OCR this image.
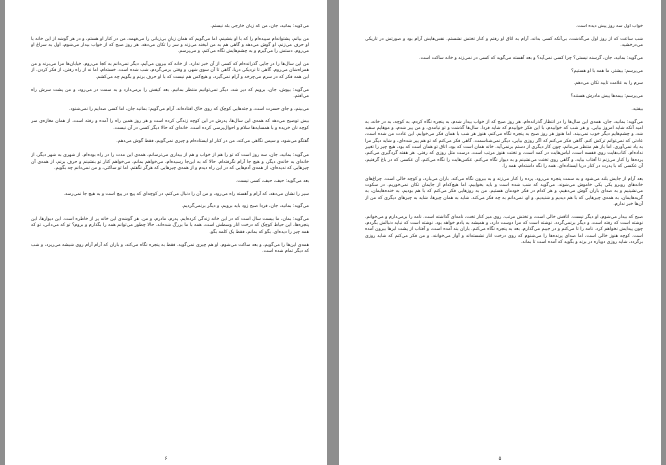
می‌گوید: بمانید، جان، من که زبان خارجی بلد نیستم.

من بیانم، پشتوانه‌ام سپیده‌ام را که با او بنشینم، اما می‌گویم که همان زبانِ بی‌زبانی را می‌فهمد، من در کنار او هستم، و در هر گوشه از این خانه با او حرف می‌زنم، او گوش می‌دهد و گاهی هم به من لبخند می‌زند و سر را تکان می‌دهد. هر روز صبح که از خواب بیدار می‌شوم، اول به سراغ او می‌روم. دستش را می‌گیرم و به چشم‌هایش نگاه می‌کنم، و می‌پرسم.

من این سال‌ها را در جایی گذرانده‌ام که کسی از آن خبر ندارد. از خانه که بیرون می‌آیم، دیگر نمی‌دانم به کجا می‌روم. خیابان‌ها مرا می‌برند و من همراه‌شان می‌روم. گاهی تا نزدیکی دریا، گاهی تا آن سوی شهر، و وقتی برمی‌گردم، شب شده است. خسته‌ام، اما نه از راه رفتن، از فکر کردن. از این همه فکر که در سرم می‌چرخد و آرام نمی‌گیرد، و هیچ‌کس هم نیست که با او حرف بزنم و بگویم چه می‌کشم.

می‌گوید: بپوش، جان، برویم که دیر شد، دیگر نمی‌توانیم منتظر بمانیم. بعد کیفش را برمی‌دارد و به سمت در می‌رود، و من پشت سرش راه می‌افتم.

می‌بینم، و جای حسرت است، و جثه‌هایی کوچک که روی خاک افتاده‌اند. آرام می‌گویم: بمانید جان، اما کسی صدایم را نمی‌شنود.

بیش توضیح می‌دهد که همه‌ی این سال‌ها، پدرش در این کوچه زندگی کرده است و هر روز همین راه را آمده و رفته است، از همان مغازه‌ی سر کوچه نان خریده و با همسایه‌ها سلام و احوال‌پرسی کرده است. خانه‌ای که حالا دیگر کسی در آن نیست.

گفتگو می‌شود، و سپس نگاهی می‌کند، من در کنار او ایستاده‌ام و چیزی نمی‌گویم، فقط گوش می‌دهم.

می‌گوید: بمانید، جان، سه روز است که تو را هم از خواب و هم از بیداری می‌ترسانم، همه‌ی این مدت را در راه بوده‌ام. از شهری به شهر دیگر، از خانه‌ای به خانه‌ی دیگر، و هیچ جا آرام نگرفته‌ام. حالا که به این‌جا رسیده‌ام، می‌خواهم بمانم، می‌خواهم کنار تو بنشینم و حرف بزنم، از همه‌ی آن چیزهایی که ندیده‌ای، از همه‌ی آدم‌هایی که در این راه دیدم و از همه‌ی چیزهایی که هرگز نگفتم. اما تو ساکتی، و من نمی‌دانم چه بگویم.

بعد می‌گوید: حیف، حیف، کسی نیست.

سیر را نشان می‌دهد، که آرام و آهسته راه می‌رود، و من آن را دنبال می‌کنم، در کوچه‌ای که پیچ در پیچ است و به هیچ جا نمی‌رسد.

می‌گوید: بمانید، جان، فردا صبح زود باید برویم، و دیگر برنمی‌گردیم.

می‌گوید: بمان، ما بیست سال است که در این خانه زندگی کرده‌ایم. پدرم، مادرم، و من. هر گوشه‌ی این خانه پر از خاطره است. این دیوارها، این پنجره‌ها، این حیاط کوچک که درخت انار وسطش است، همه با ما بزرگ شده‌اند. حالا چطور می‌توانم همه را بگذارم و بروم؟ تو که می‌دانی، تو که همه چیز را دیده‌ای. بگو که بمانم، فقط یک کلمه بگو.

همه‌ی این‌ها را می‌گویم، و بعد ساکت می‌شوم. او هم چیزی نمی‌گوید. فقط به پنجره نگاه می‌کند، و باران که آرام آرام روی شیشه می‌ریزد، و شب که دیگر تمام شده است.

۶

خواب اول سه روز پیش دیده است.

شب ساعت که از روز اول می‌گذشت، بی‌آنکه کسی بداند، آرام به اتاق او رفتم و کنار تختش نشستم. نفس‌هایش آرام بود و صورتش در تاریکی می‌درخشید.

می‌گوید: بمانید، جان، گرسنه نیستی؟ چرا کسی نمی‌آید؟ و بعد آهسته می‌گوید که کسی در نمی‌زند و خانه ساکت است.

می‌پرسم: بیشتر، ما همه با او هستیم؟

سرم را به علامت تایید تکان می‌دهم.

می‌پرسم: بیمه‌ها پیش مادرش هستند؟

بیفتید.

می‌گوید: بمانید، جان، همه‌ی این سال‌ها را در انتظار گذرانده‌ام. هر روز صبح که از خواب بیدار شدم، به پنجره نگاه کردم، به کوچه، به در خانه، به امید آنکه شاید امروز بیایی. و هر شب که خوابیدم، با این فکر خوابیدم که شاید فردا. سال‌ها گذشت و تو نیامدی، و من پیر شدم، و موهایم سفید شد، و چشم‌هایم دیگر خوب نمی‌بیند. اما هنوز هر روز صبح به پنجره نگاه می‌کنم، هنوز هر شب با همان فکر می‌خوابم. این عادت من شده است، عادتی که نمی‌توانم ترکش کنم. گاهی فکر می‌کنم که اگر روزی بیایی، دیگر نمی‌شناسمت. گاهی فکر می‌کنم که تو هم پیر شده‌ای، و شاید دیگر مرا به یاد نمی‌آوری. اما باز هم منتظر می‌مانم، چون کار دیگری از دستم برنمی‌آید. خانه همان است که بود، اتاق تو همان است که بود، هیچ چیز را تغییر نداده‌ام. کتاب‌هایت روی قفسه است، لباس‌هایت در کمد است، و تختت هنوز مرتب است، درست مثل روزی که رفتی. هر هفته گردگیری می‌کنم، پرده‌ها را کنار می‌زنم تا آفتاب بیاید، و گاهی روی تختت می‌نشینم و به دیوار نگاه می‌کنم. عکس‌هایت را نگاه می‌کنم، آن عکسی که در باغ گرفتیم، آن عکسی که با پدرت در کنار دریا ایستاده‌ای. همه را نگه داشته‌ام، همه را.

بعد آرام از جایش بلند می‌شود و به سمت پنجره می‌رود. پرده را کنار می‌زند و به بیرون نگاه می‌کند. باران می‌بارد، و کوچه خالی است. چراغ‌های خانه‌های روبرو یکی یکی خاموش می‌شوند. می‌گوید که شب شده است و باید بخوابیم، اما هیچ‌کدام از جایمان تکان نمی‌خوریم. در سکوت می‌نشینیم و به صدای باران گوش می‌دهیم، و هر کدام در فکر خودمان هستیم. من به روزهایی فکر می‌کنم که با هم بودیم، به خنده‌هایمان، به گریه‌هایمان، به همه‌ی چیزهایی که با هم دیدیم و شنیدیم. و او، نمی‌دانم به چه فکر می‌کند. شاید به همان چیزها، شاید به چیزهای دیگری که من از آن‌ها خبر ندارم.

صبح که بیدار می‌شوم، او دیگر نیست. اتاقش خالی است، و تختش مرتب. روی میز کنار تخت، نامه‌ای گذاشته است. نامه را برمی‌دارم و می‌خوانم. نوشته است که رفته است، و دیگر برنمی‌گردد. نوشته است که مرا دوست دارد، و همیشه به یادم خواهد بود. نوشته است که نباید دنبالش بگردم، چون پیدایش نخواهم کرد. نامه را تا می‌کنم و در جیبم می‌گذارم. بعد به پنجره نگاه می‌کنم. باران بند آمده است، و آفتاب از پشت ابرها بیرون آمده است. کوچه هنوز خالی است، اما صدای پرنده‌ها را می‌شنوم که روی درخت انار نشسته‌اند و آواز می‌خوانند. و من فکر می‌کنم که شاید روزی برگردد، شاید روزی دوباره در بزند و بگوید که آمده است تا بماند.

۵
